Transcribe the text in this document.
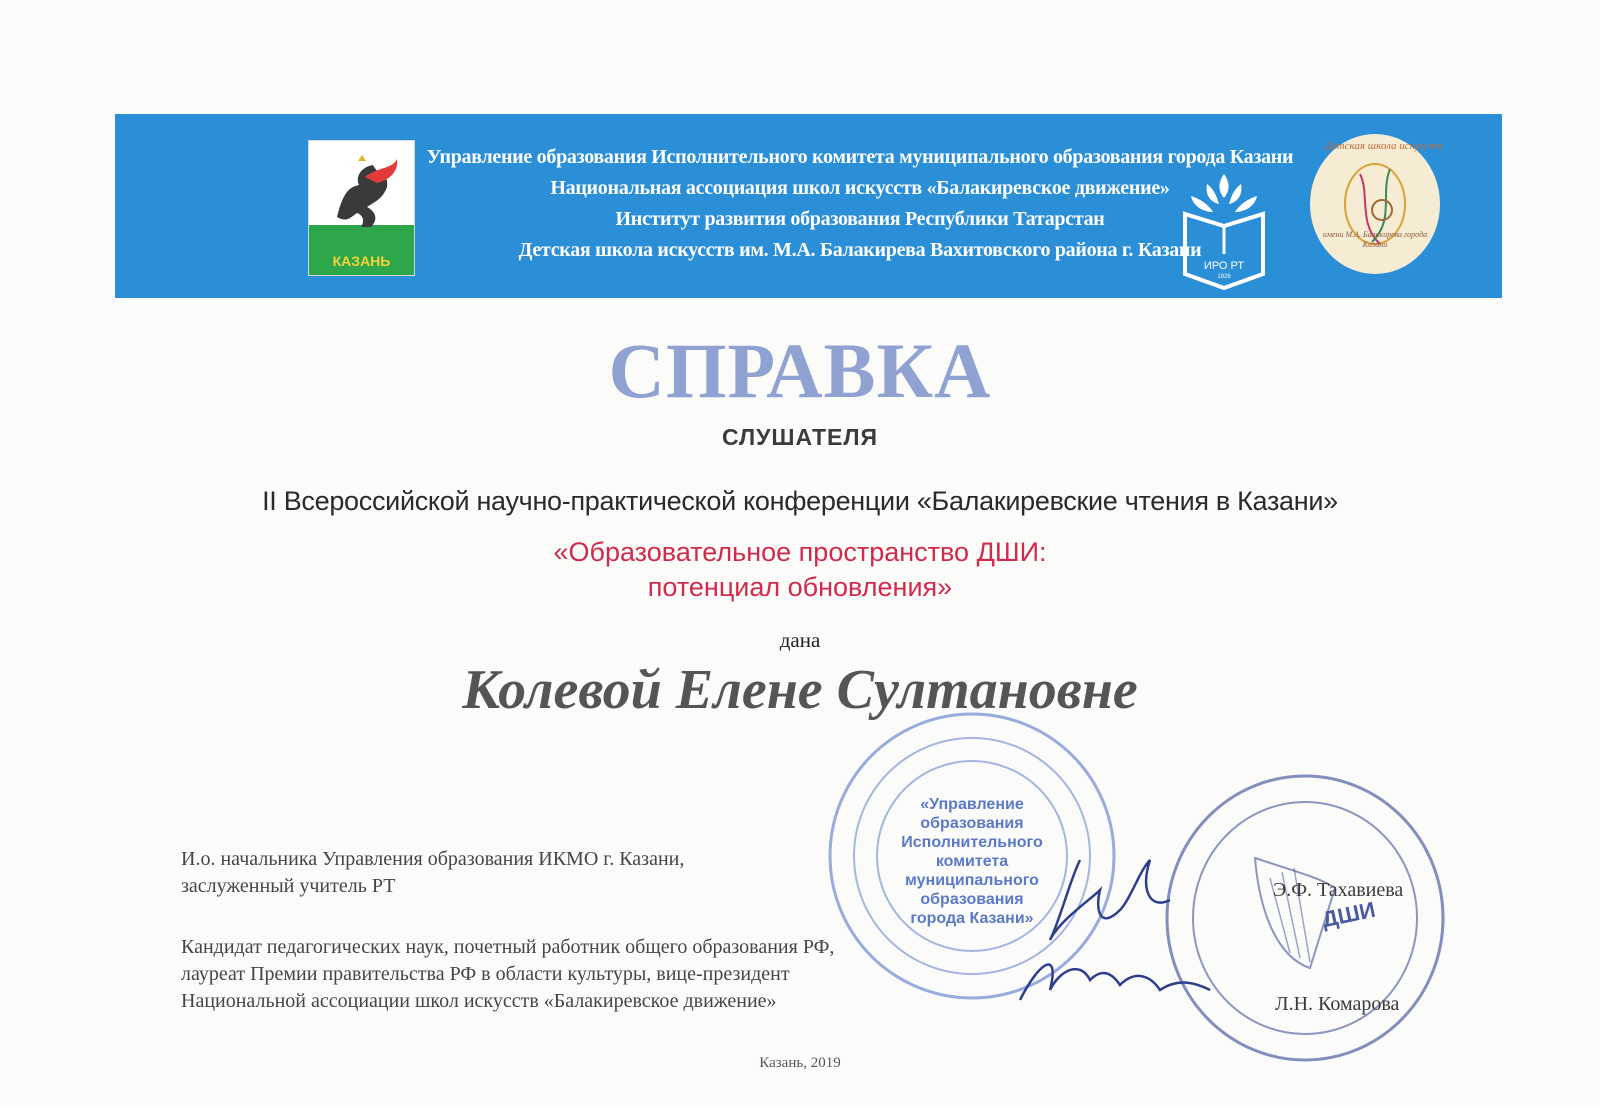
КАЗАНЬ
Управление образования Исполнительного комитета муниципального образования города Казани
Национальная ассоциация школ искусств «Балакиревское движение»
Институт развития образования Республики Татарстан
Детская школа искусств им. М.А. Балакирева Вахитовского района г. Казани
ИРО РТ
1926
Детская школа искусств
имени М.А. Балакирева города Казани
СПРАВКА
СЛУШАТЕЛЯ
II Всероссийской научно-практической конференции «Балакиревские чтения в Казани»
«Образовательное пространство ДШИ:
потенциал обновления»
дана
Колевой Елене Султановне
«Управление
образования
Исполнительного
комитета
муниципального
образования
города Казани»	ДШИ
И.о. начальника Управления образования ИКМО г. Казани,
заслуженный учитель РТ	Э.Ф. Тахавиева
Кандидат педагогических наук, почетный работник общего образования РФ,
лауреат Премии правительства РФ в области культуры, вице-президент
Национальной ассоциации школ искусств «Балакиревское движение»	Л.Н. Комарова
Казань, 2019
